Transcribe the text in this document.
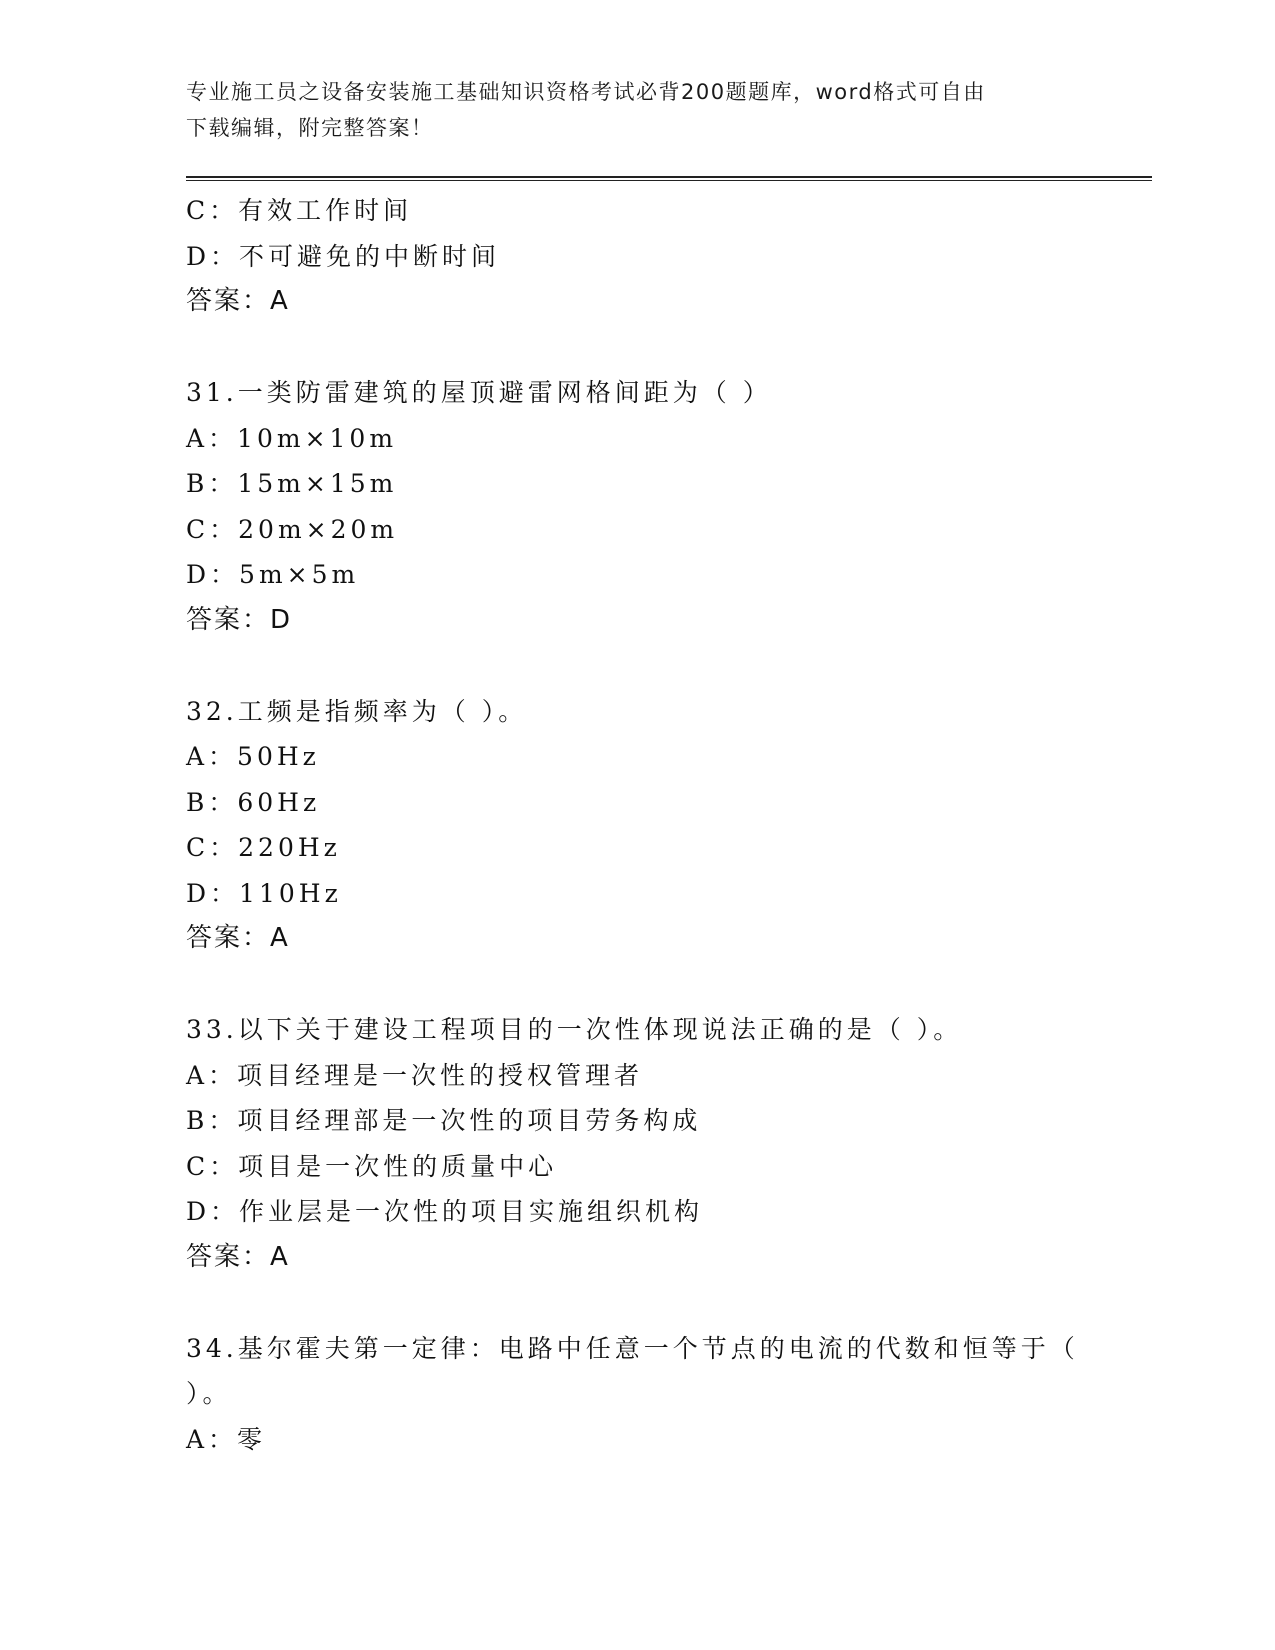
专业施工员之设备安装施工基础知识资格考试必背200题题库，word格式可自由
下载编辑，附完整答案！
C：有效工作时间
D：不可避免的中断时间
答案：A
31.一类防雷建筑的屋顶避雷网格间距为（ ）
A：10m×10m
B：15m×15m
C：20m×20m
D：5m×5m
答案：D
32.工频是指频率为（ ）。
A：50Hz
B：60Hz
C：220Hz
D：110Hz
答案：A
33.以下关于建设工程项目的一次性体现说法正确的是（ ）。
A：项目经理是一次性的授权管理者
B：项目经理部是一次性的项目劳务构成
C：项目是一次性的质量中心
D：作业层是一次性的项目实施组织机构
答案：A
34.基尔霍夫第一定律：电路中任意一个节点的电流的代数和恒等于（
）。
A：零
